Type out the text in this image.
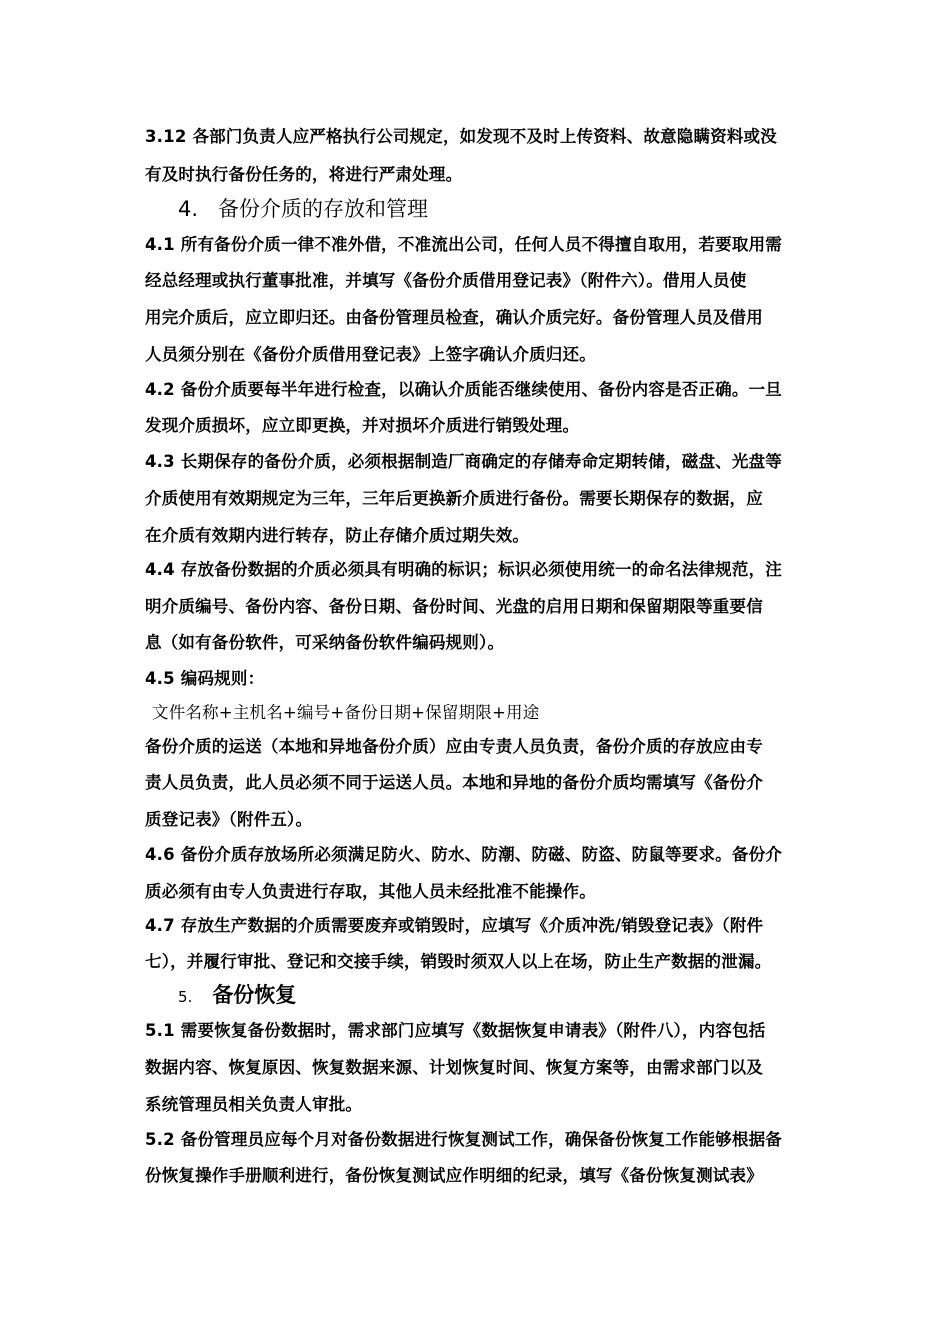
3.12 各部门负责人应严格执行公司规定，如发现不及时上传资料、故意隐瞒资料或没
有及时执行备份任务的，将进行严肃处理。
4. 备份介质的存放和管理
4.1 所有备份介质一律不准外借，不准流出公司，任何人员不得擅自取用，若要取用需
经总经理或执行董事批准，并填写《备份介质借用登记表》（附件六）。借用人员使
用完介质后，应立即归还。由备份管理员检查，确认介质完好。备份管理人员及借用
人员须分别在《备份介质借用登记表》上签字确认介质归还。
4.2 备份介质要每半年进行检查，以确认介质能否继续使用、备份内容是否正确。一旦
发现介质损坏，应立即更换，并对损坏介质进行销毁处理。
4.3 长期保存的备份介质，必须根据制造厂商确定的存储寿命定期转储，磁盘、光盘等
介质使用有效期规定为三年，三年后更换新介质进行备份。需要长期保存的数据，应
在介质有效期内进行转存，防止存储介质过期失效。
4.4 存放备份数据的介质必须具有明确的标识；标识必须使用统一的命名法律规范，注
明介质编号、备份内容、备份日期、备份时间、光盘的启用日期和保留期限等重要信
息（如有备份软件，可采纳备份软件编码规则）。
4.5 编码规则：
文件名称+主机名+编号+备份日期+保留期限+用途
备份介质的运送（本地和异地备份介质）应由专责人员负责，备份介质的存放应由专
责人员负责，此人员必须不同于运送人员。本地和异地的备份介质均需填写《备份介
质登记表》（附件五）。
4.6 备份介质存放场所必须满足防火、防水、防潮、防磁、防盗、防鼠等要求。备份介
质必须有由专人负责进行存取，其他人员未经批准不能操作。
4.7 存放生产数据的介质需要废弃或销毁时，应填写《介质冲洗/销毁登记表》（附件
七），并履行审批、登记和交接手续，销毁时须双人以上在场，防止生产数据的泄漏。
5. 备份恢复
5.1 需要恢复备份数据时，需求部门应填写《数据恢复申请表》（附件八），内容包括
数据内容、恢复原因、恢复数据来源、计划恢复时间、恢复方案等，由需求部门以及
系统管理员相关负责人审批。
5.2 备份管理员应每个月对备份数据进行恢复测试工作，确保备份恢复工作能够根据备
份恢复操作手册顺利进行，备份恢复测试应作明细的纪录，填写《备份恢复测试表》
